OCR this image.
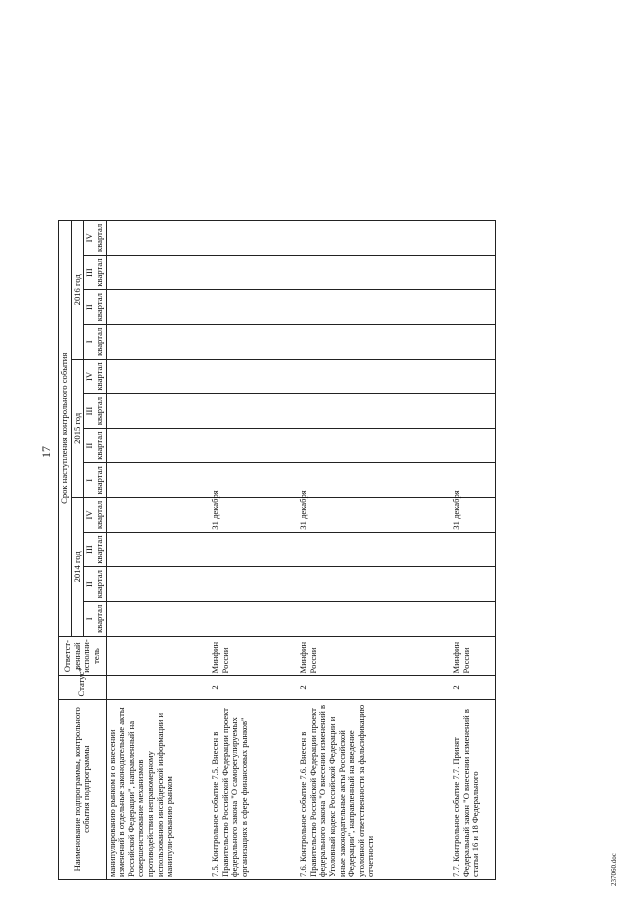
17
Наименование подпрограммы, контрольного события подпрограммы	Статус*	Ответст-венный исполни-тель	Срок наступления контрольного события											
			2014 год				2015 год				2016 год			
			I квартал	II квартал	III квартал	IV квартал	I квартал	II квартал	III квартал	IV квартал	I квартал	II квартал	III квартал	IV квартал
манипулированию рынком и о внесении изменений в отдельные законодательные акты Российской Федерации", направленный на совершенствование механизмов противодействия неправомерному использованию инсайдерской информации и манипули-рованию рынком														
7.5. Контрольное событие 7.5. Внесен в Правительство Российской Федерации проект федерального закона "О саморегулируемых организациях в сфере финансовых рынков"	2	Минфин России				31 декабря								
7.6. Контрольное событие 7.6. Внесен в Правительство Российской Федерации проект федерального закона "О внесении изменений в Уголовный кодекс Российской Федерации и иные законодательные акты Российской Федерации", направленный на введение уголовной ответственности за фальсификацию отчетности	2	Минфин России				31 декабря								
7.7. Контрольное событие 7.7. Принят Федеральный закон "О внесении изменений в статьи 16 и 18 Федерального	2	Минфин России				31 декабря								
237060.doc
